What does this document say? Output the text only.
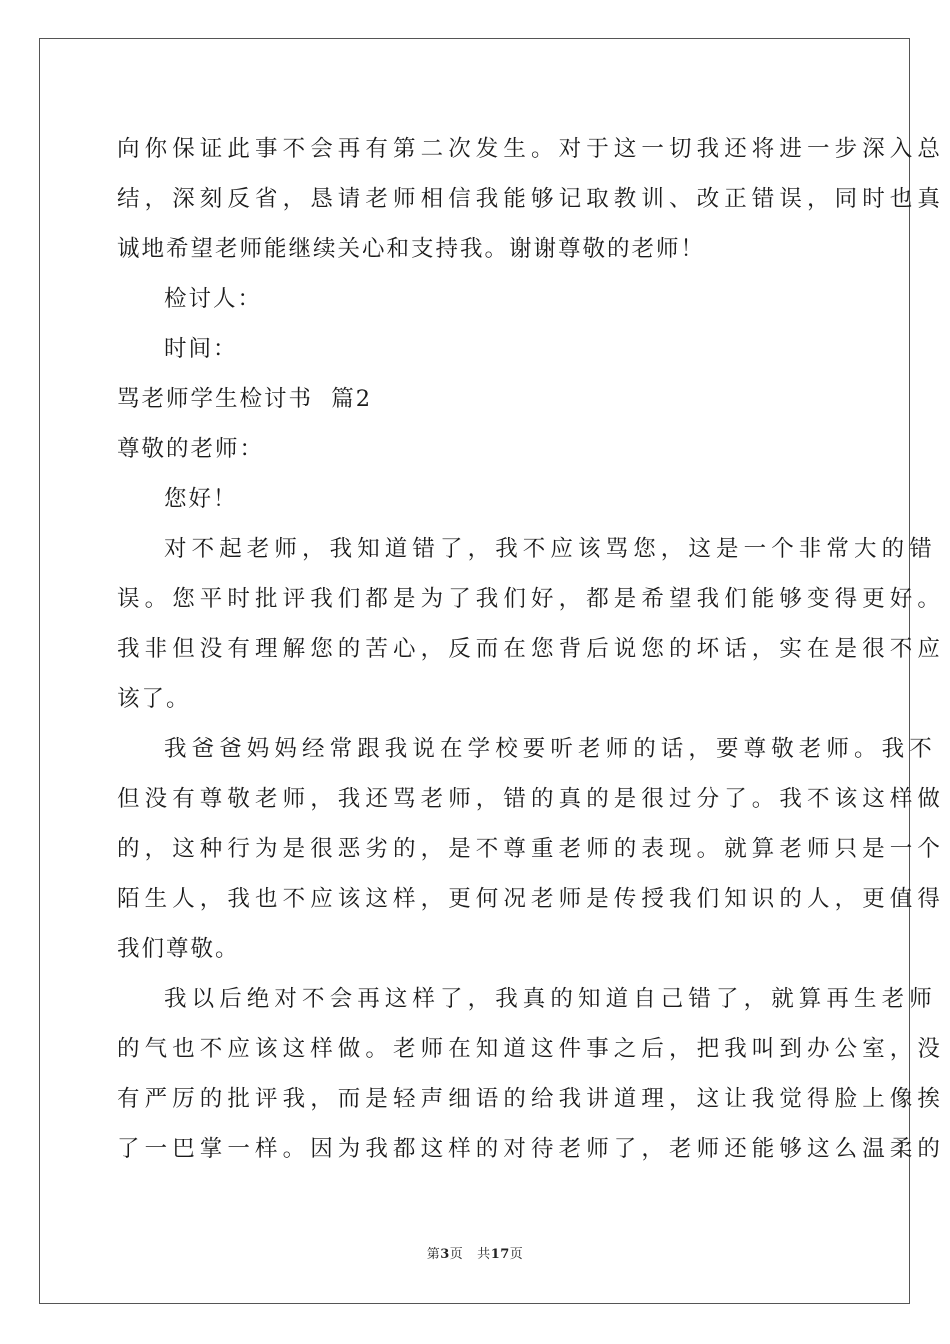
向你保证此事不会再有第二次发生。对于这一切我还将进一步深入总
结，深刻反省，恳请老师相信我能够记取教训、改正错误，同时也真
诚地希望老师能继续关心和支持我。谢谢尊敬的老师！
检讨人：
时间：
骂老师学生检讨书  篇2
尊敬的老师：
您好！
对不起老师，我知道错了，我不应该骂您，这是一个非常大的错
误。您平时批评我们都是为了我们好，都是希望我们能够变得更好。
我非但没有理解您的苦心，反而在您背后说您的坏话，实在是很不应
该了。
我爸爸妈妈经常跟我说在学校要听老师的话，要尊敬老师。我不
但没有尊敬老师，我还骂老师，错的真的是很过分了。我不该这样做
的，这种行为是很恶劣的，是不尊重老师的表现。就算老师只是一个
陌生人，我也不应该这样，更何况老师是传授我们知识的人，更值得
我们尊敬。
我以后绝对不会再这样了，我真的知道自己错了，就算再生老师
的气也不应该这样做。老师在知道这件事之后，把我叫到办公室，没
有严厉的批评我，而是轻声细语的给我讲道理，这让我觉得脸上像挨
了一巴掌一样。因为我都这样的对待老师了，老师还能够这么温柔的
第3页 共17页
